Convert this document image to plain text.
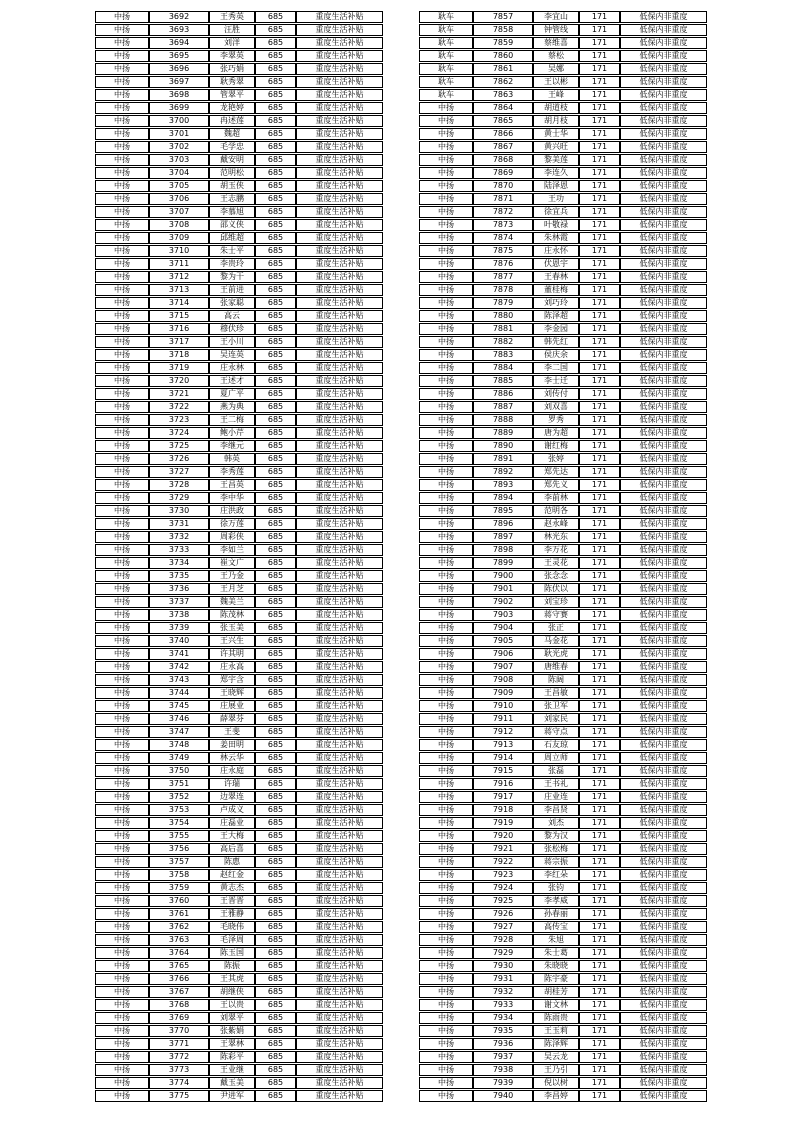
中扬	3692	王秀英	685	重度生活补贴
中扬	3693	汪胜	685	重度生活补贴
中扬	3694	刘洋	685	重度生活补贴
中扬	3695	李翠英	685	重度生活补贴
中扬	3696	张巧娟	685	重度生活补贴
中扬	3697	耿秀翠	685	重度生活补贴
中扬	3698	管翠平	685	重度生活补贴
中扬	3699	龙艳婷	685	重度生活补贴
中扬	3700	冉述莲	685	重度生活补贴
中扬	3701	魏超	685	重度生活补贴
中扬	3702	毛学忠	685	重度生活补贴
中扬	3703	戴安明	685	重度生活补贴
中扬	3704	范明松	685	重度生活补贴
中扬	3705	胡玉侠	685	重度生活补贴
中扬	3706	王志鹏	685	重度生活补贴
中扬	3707	李慕旭	685	重度生活补贴
中扬	3708	邵义侠	685	重度生活补贴
中扬	3709	邱维超	685	重度生活补贴
中扬	3710	朱士平	685	重度生活补贴
中扬	3711	李贵玲	685	重度生活补贴
中扬	3712	黎为干	685	重度生活补贴
中扬	3713	王前进	685	重度生活补贴
中扬	3714	张家聪	685	重度生活补贴
中扬	3715	高云	685	重度生活补贴
中扬	3716	穆伏珍	685	重度生活补贴
中扬	3717	王小川	685	重度生活补贴
中扬	3718	吴连英	685	重度生活补贴
中扬	3719	庄永林	685	重度生活补贴
中扬	3720	王述才	685	重度生活补贴
中扬	3721	夏广平	685	重度生活补贴
中扬	3722	燕为典	685	重度生活补贴
中扬	3723	王二梅	685	重度生活补贴
中扬	3724	鲍小芹	685	重度生活补贴
中扬	3725	李继元	685	重度生活补贴
中扬	3726	韩英	685	重度生活补贴
中扬	3727	李秀莲	685	重度生活补贴
中扬	3728	王昌英	685	重度生活补贴
中扬	3729	李中华	685	重度生活补贴
中扬	3730	庄洪政	685	重度生活补贴
中扬	3731	徐万莲	685	重度生活补贴
中扬	3732	周彩侠	685	重度生活补贴
中扬	3733	李如兰	685	重度生活补贴
中扬	3734	崔文广	685	重度生活补贴
中扬	3735	王乃金	685	重度生活补贴
中扬	3736	王月芝	685	重度生活补贴
中扬	3737	魏美兰	685	重度生活补贴
中扬	3738	陈茂林	685	重度生活补贴
中扬	3739	张玉美	685	重度生活补贴
中扬	3740	王兴生	685	重度生活补贴
中扬	3741	许其明	685	重度生活补贴
中扬	3742	庄永高	685	重度生活补贴
中扬	3743	郑宇含	685	重度生活补贴
中扬	3744	王晓辉	685	重度生活补贴
中扬	3745	庄展业	685	重度生活补贴
中扬	3746	薛翠芬	685	重度生活补贴
中扬	3747	王斐	685	重度生活补贴
中扬	3748	姜田明	685	重度生活补贴
中扬	3749	林云华	685	重度生活补贴
中扬	3750	庄永庭	685	重度生活补贴
中扬	3751	许瑞	685	重度生活补贴
中扬	3752	边翠连	685	重度生活补贴
中扬	3753	卢成义	685	重度生活补贴
中扬	3754	庄磊业	685	重度生活补贴
中扬	3755	王大梅	685	重度生活补贴
中扬	3756	高后喜	685	重度生活补贴
中扬	3757	陈惠	685	重度生活补贴
中扬	3758	赵红金	685	重度生活补贴
中扬	3759	黄志杰	685	重度生活补贴
中扬	3760	王晋晋	685	重度生活补贴
中扬	3761	王雅静	685	重度生活补贴
中扬	3762	毛晓伟	685	重度生活补贴
中扬	3763	毛泽周	685	重度生活补贴
中扬	3764	陈玉国	685	重度生活补贴
中扬	3765	陈振	685	重度生活补贴
中扬	3766	王其虎	685	重度生活补贴
中扬	3767	胡继侠	685	重度生活补贴
中扬	3768	王以贵	685	重度生活补贴
中扬	3769	刘翠平	685	重度生活补贴
中扬	3770	张紫娟	685	重度生活补贴
中扬	3771	王翠林	685	重度生活补贴
中扬	3772	陈彩平	685	重度生活补贴
中扬	3773	王业继	685	重度生活补贴
中扬	3774	戴玉美	685	重度生活补贴
中扬	3775	尹进军	685	重度生活补贴
耿车	7857	李宜山	171	低保内非重度
耿车	7858	钟管线	171	低保内非重度
耿车	7859	蔡维喜	171	低保内非重度
耿车	7860	蔡松	171	低保内非重度
耿车	7861	吴娜	171	低保内非重度
耿车	7862	王以彬	171	低保内非重度
耿车	7863	王峰	171	低保内非重度
中扬	7864	胡道枝	171	低保内非重度
中扬	7865	胡月枝	171	低保内非重度
中扬	7866	黄士华	171	低保内非重度
中扬	7867	黄兴旺	171	低保内非重度
中扬	7868	黎美莲	171	低保内非重度
中扬	7869	李连久	171	低保内非重度
中扬	7870	陆泽恩	171	低保内非重度
中扬	7871	王功	171	低保内非重度
中扬	7872	徐宜兵	171	低保内非重度
中扬	7873	叶敬禄	171	低保内非重度
中扬	7874	朱林霞	171	低保内非重度
中扬	7875	庄永怀	171	低保内非重度
中扬	7876	伏恩宇	171	低保内非重度
中扬	7877	王春林	171	低保内非重度
中扬	7878	董桂梅	171	低保内非重度
中扬	7879	刘巧玲	171	低保内非重度
中扬	7880	陈泽超	171	低保内非重度
中扬	7881	李金园	171	低保内非重度
中扬	7882	韩先红	171	低保内非重度
中扬	7883	侯庆余	171	低保内非重度
中扬	7884	李二国	171	低保内非重度
中扬	7885	李士迁	171	低保内非重度
中扬	7886	刘传付	171	低保内非重度
中扬	7887	刘双喜	171	低保内非重度
中扬	7888	罗秀	171	低保内非重度
中扬	7889	唐为超	171	低保内非重度
中扬	7890	谢红梅	171	低保内非重度
中扬	7891	张婷	171	低保内非重度
中扬	7892	郑先达	171	低保内非重度
中扬	7893	郑先义	171	低保内非重度
中扬	7894	李前林	171	低保内非重度
中扬	7895	范明各	171	低保内非重度
中扬	7896	赵永峰	171	低保内非重度
中扬	7897	林光东	171	低保内非重度
中扬	7898	李万花	171	低保内非重度
中扬	7899	王灵花	171	低保内非重度
中扬	7900	张念念	171	低保内非重度
中扬	7901	陈伏以	171	低保内非重度
中扬	7902	刘宝珍	171	低保内非重度
中扬	7903	蒋守赛	171	低保内非重度
中扬	7904	张正	171	低保内非重度
中扬	7905	马金花	171	低保内非重度
中扬	7906	耿光虎	171	低保内非重度
中扬	7907	唐维春	171	低保内非重度
中扬	7908	陈阔	171	低保内非重度
中扬	7909	王昌敏	171	低保内非重度
中扬	7910	张卫军	171	低保内非重度
中扬	7911	刘家民	171	低保内非重度
中扬	7912	蒋守点	171	低保内非重度
中扬	7913	石友琼	171	低保内非重度
中扬	7914	周立师	171	低保内非重度
中扬	7915	张磊	171	低保内非重度
中扬	7916	王书礼	171	低保内非重度
中扬	7917	庄业连	171	低保内非重度
中扬	7918	李昌贤	171	低保内非重度
中扬	7919	刘杰	171	低保内非重度
中扬	7920	黎为汉	171	低保内非重度
中扬	7921	张松梅	171	低保内非重度
中扬	7922	蒋宗振	171	低保内非重度
中扬	7923	李红朵	171	低保内非重度
中扬	7924	张钧	171	低保内非重度
中扬	7925	李孝威	171	低保内非重度
中扬	7926	孙春丽	171	低保内非重度
中扬	7927	高传宝	171	低保内非重度
中扬	7928	朱旭	171	低保内非重度
中扬	7929	朱士葛	171	低保内非重度
中扬	7930	朱晓晓	171	低保内非重度
中扬	7931	陈宇豪	171	低保内非重度
中扬	7932	胡桂芳	171	低保内非重度
中扬	7933	谢文林	171	低保内非重度
中扬	7934	陈雨贵	171	低保内非重度
中扬	7935	王玉莉	171	低保内非重度
中扬	7936	陈泽辉	171	低保内非重度
中扬	7937	吴云龙	171	低保内非重度
中扬	7938	王乃引	171	低保内非重度
中扬	7939	倪以树	171	低保内非重度
中扬	7940	李昌婷	171	低保内非重度
